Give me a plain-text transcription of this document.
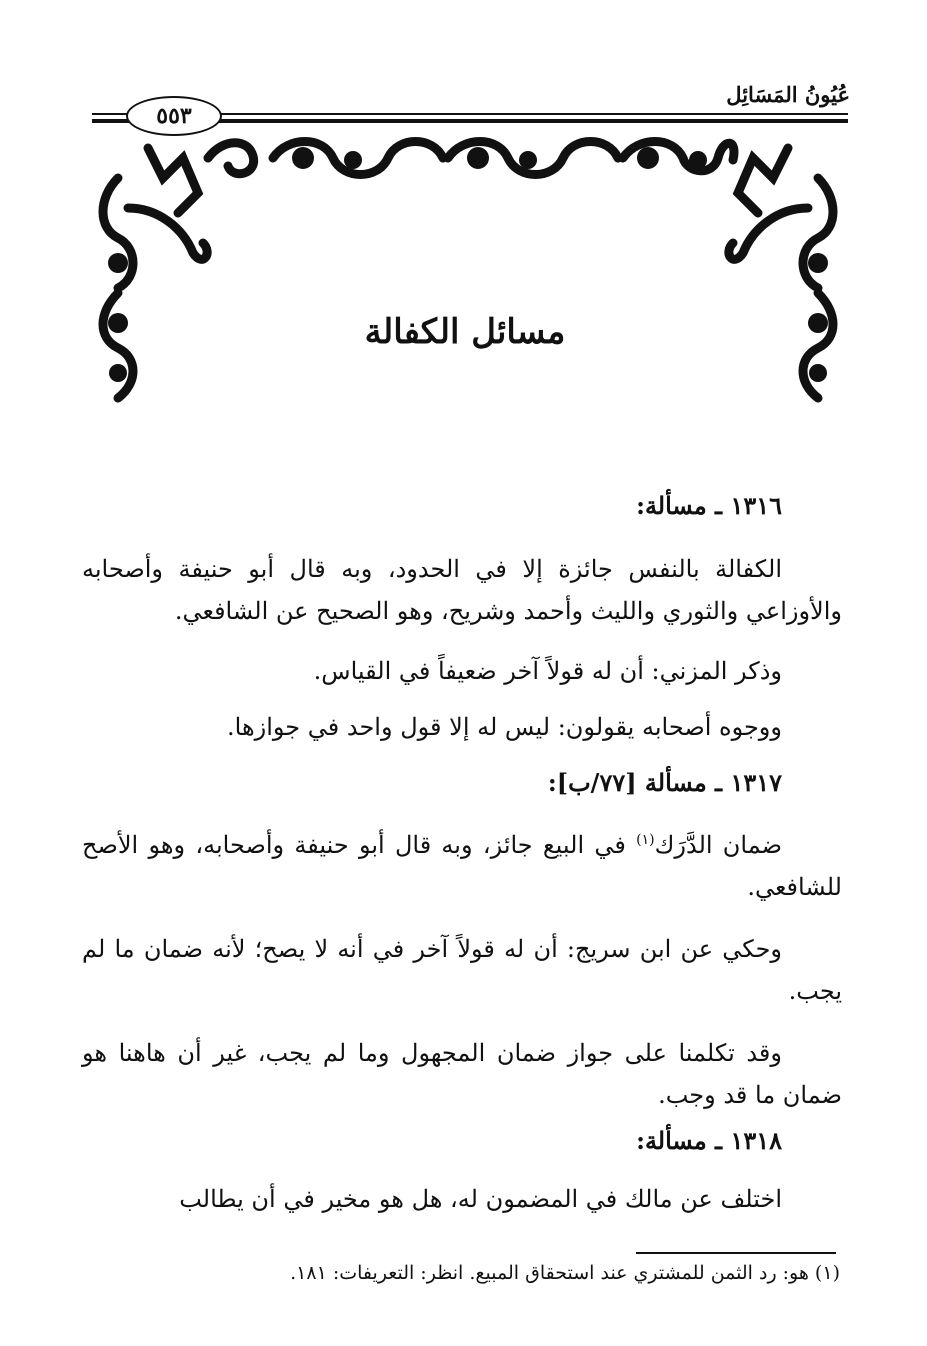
عُيُونُ المَسَائِل
٥٥٣
مسائل الكفالة
١٣١٦ ـ مسألة:
الكفالة بالنفس جائزة إلا في الحدود، وبه قال أبو حنيفة وأصحابه والأوزاعي والثوري والليث وأحمد وشريح، وهو الصحيح عن الشافعي.
وذكر المزني: أن له قولاً آخر ضعيفاً في القياس.
ووجوه أصحابه يقولون: ليس له إلا قول واحد في جوازها.
١٣١٧ ـ مسألة [٧٧/ب]:
ضمان الدَّرَك$^{(١)}$ في البيع جائز، وبه قال أبو حنيفة وأصحابه، وهو الأصح للشافعي.
وحكي عن ابن سريج: أن له قولاً آخر في أنه لا يصح؛ لأنه ضمان ما لم يجب.
وقد تكلمنا على جواز ضمان المجهول وما لم يجب، غير أن هاهنا هو ضمان ما قد وجب.
١٣١٨ ـ مسألة:
اختلف عن مالك في المضمون له، هل هو مخير في أن يطالب
(١) هو: رد الثمن للمشتري عند استحقاق المبيع. انظر: التعريفات: ١٨١.
